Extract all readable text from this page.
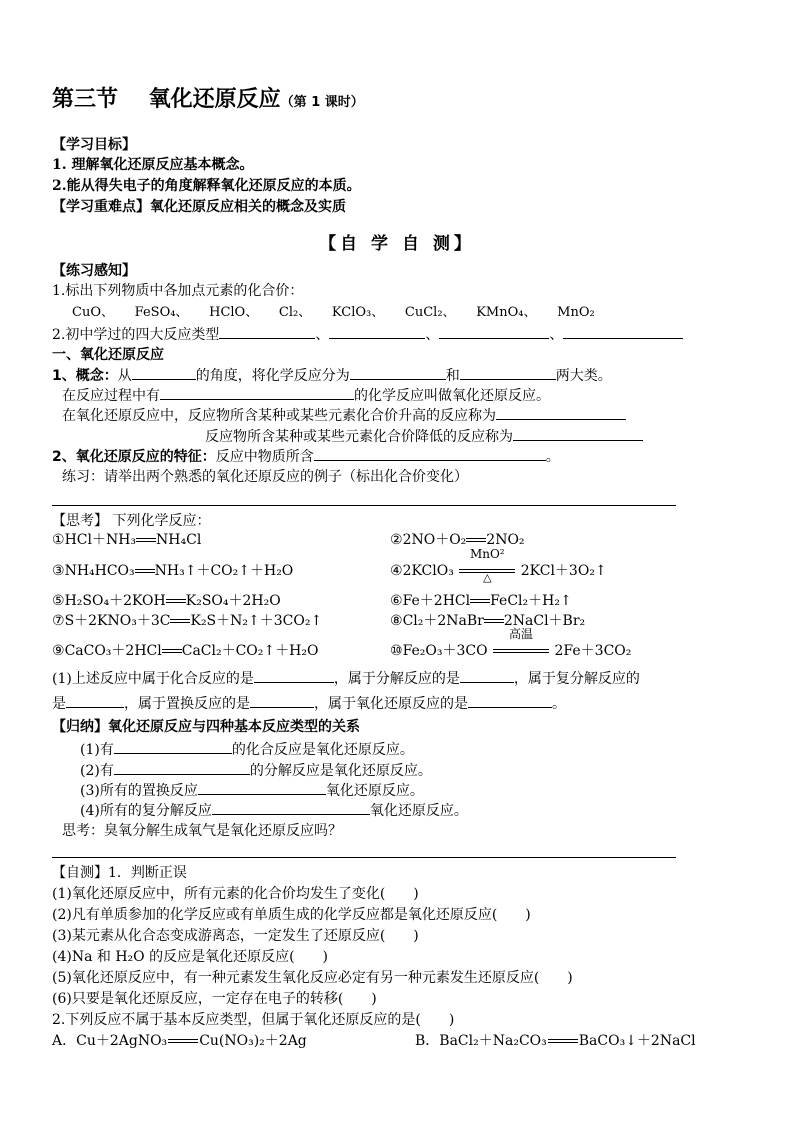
第三节 氧化还原反应（第 1 课时）
【学习目标】
1. 理解氧化还原反应基本概念。
2.能从得失电子的角度解释氧化还原反应的本质。
【学习重难点】氧化还原反应相关的概念及实质
【自 学 自 测】
【练习感知】
1.标出下列物质中各加点元素的化合价：
CuO、 FeSO₄、 HClO、 Cl₂、 KClO₃、 CuCl₂、 KMnO₄、 MnO₂
2.初中学过的四大反应类型	、	、	、
一、氧化还原反应
1、概念：从	的角度，将化学反应分为	和	两大类。
在反应过程中有	的化学反应叫做氧化还原反应。
在氧化还原反应中，反应物所含某种或某些元素化合价升高的反应称为
反应物所含某种或某些元素化合价降低的反应称为
2、氧化还原反应的特征：反应中物质所含	。
练习：请举出两个熟悉的氧化还原反应的例子（标出化合价变化）
【思考】 下列化学反应：
①HCl＋NH₃ NH₄Cl	②2NO＋O₂ 2NO₂
③NH₄HCO₃ NH₃↑＋CO₂↑＋H₂O	④2KClO₃
MnO²
△	2KCl＋3O₂↑
⑤H₂SO₄＋2KOH K₂SO₄＋2H₂O	⑥Fe＋2HCl FeCl₂＋H₂↑
⑦S＋2KNO₃＋3C K₂S＋N₂↑＋3CO₂↑	⑧Cl₂＋2NaBr 2NaCl＋Br₂
⑨CaCO₃＋2HCl CaCl₂＋CO₂↑＋H₂O	⑩Fe₂O₃＋3CO
高温
2Fe＋3CO₂
(1)上述反应中属于化合反应的是	，属于分解反应的是	，属于复分解反应的
是	，属于置换反应的是	，属于氧化还原反应的是	。
【归纳】氧化还原反应与四种基本反应类型的关系
(1)有	的化合反应是氧化还原反应。
(2)有	的分解反应是氧化还原反应。
(3)所有的置换反应	氧化还原反应。
(4)所有的复分解反应	氧化还原反应。
思考：臭氧分解生成氧气是氧化还原反应吗？
【自测】1．判断正误
(1)氧化还原反应中，所有元素的化合价均发生了变化(　　)
(2)凡有单质参加的化学反应或有单质生成的化学反应都是氧化还原反应(　　)
(3)某元素从化合态变成游离态，一定发生了还原反应(　　)
(4)Na 和 H₂O 的反应是氧化还原反应(　　)
(5)氧化还原反应中，有一种元素发生氧化反应必定有另一种元素发生还原反应(　　)
(6)只要是氧化还原反应，一定存在电子的转移(　　)
2.下列反应不属于基本反应类型，但属于氧化还原反应的是(　　)
A．Cu＋2AgNO₃ Cu(NO₃)₂＋2Ag	B．BaCl₂＋Na₂CO₃ BaCO₃↓＋2NaCl
